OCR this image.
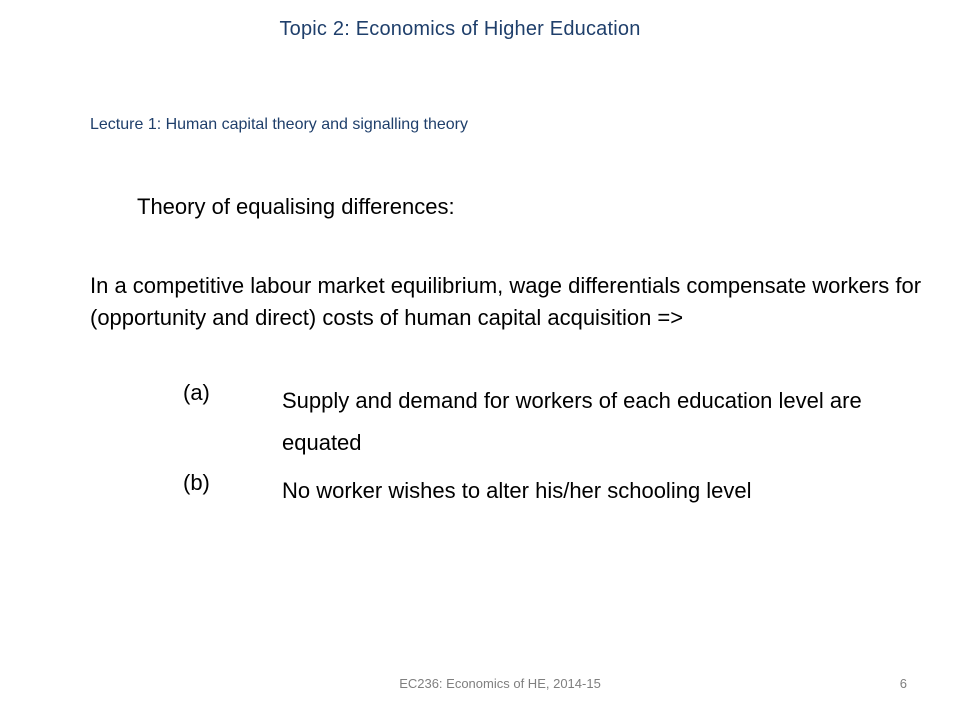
Topic 2: Economics of Higher Education
Lecture 1: Human capital theory and signalling theory
Theory of equalising differences:
In a competitive labour market equilibrium, wage differentials compensate workers for (opportunity and direct) costs of human capital acquisition =>
(a)	Supply and demand for workers of each education level are equated
(b)	No worker wishes to alter his/her schooling level
EC236: Economics of HE, 2014-15	6
